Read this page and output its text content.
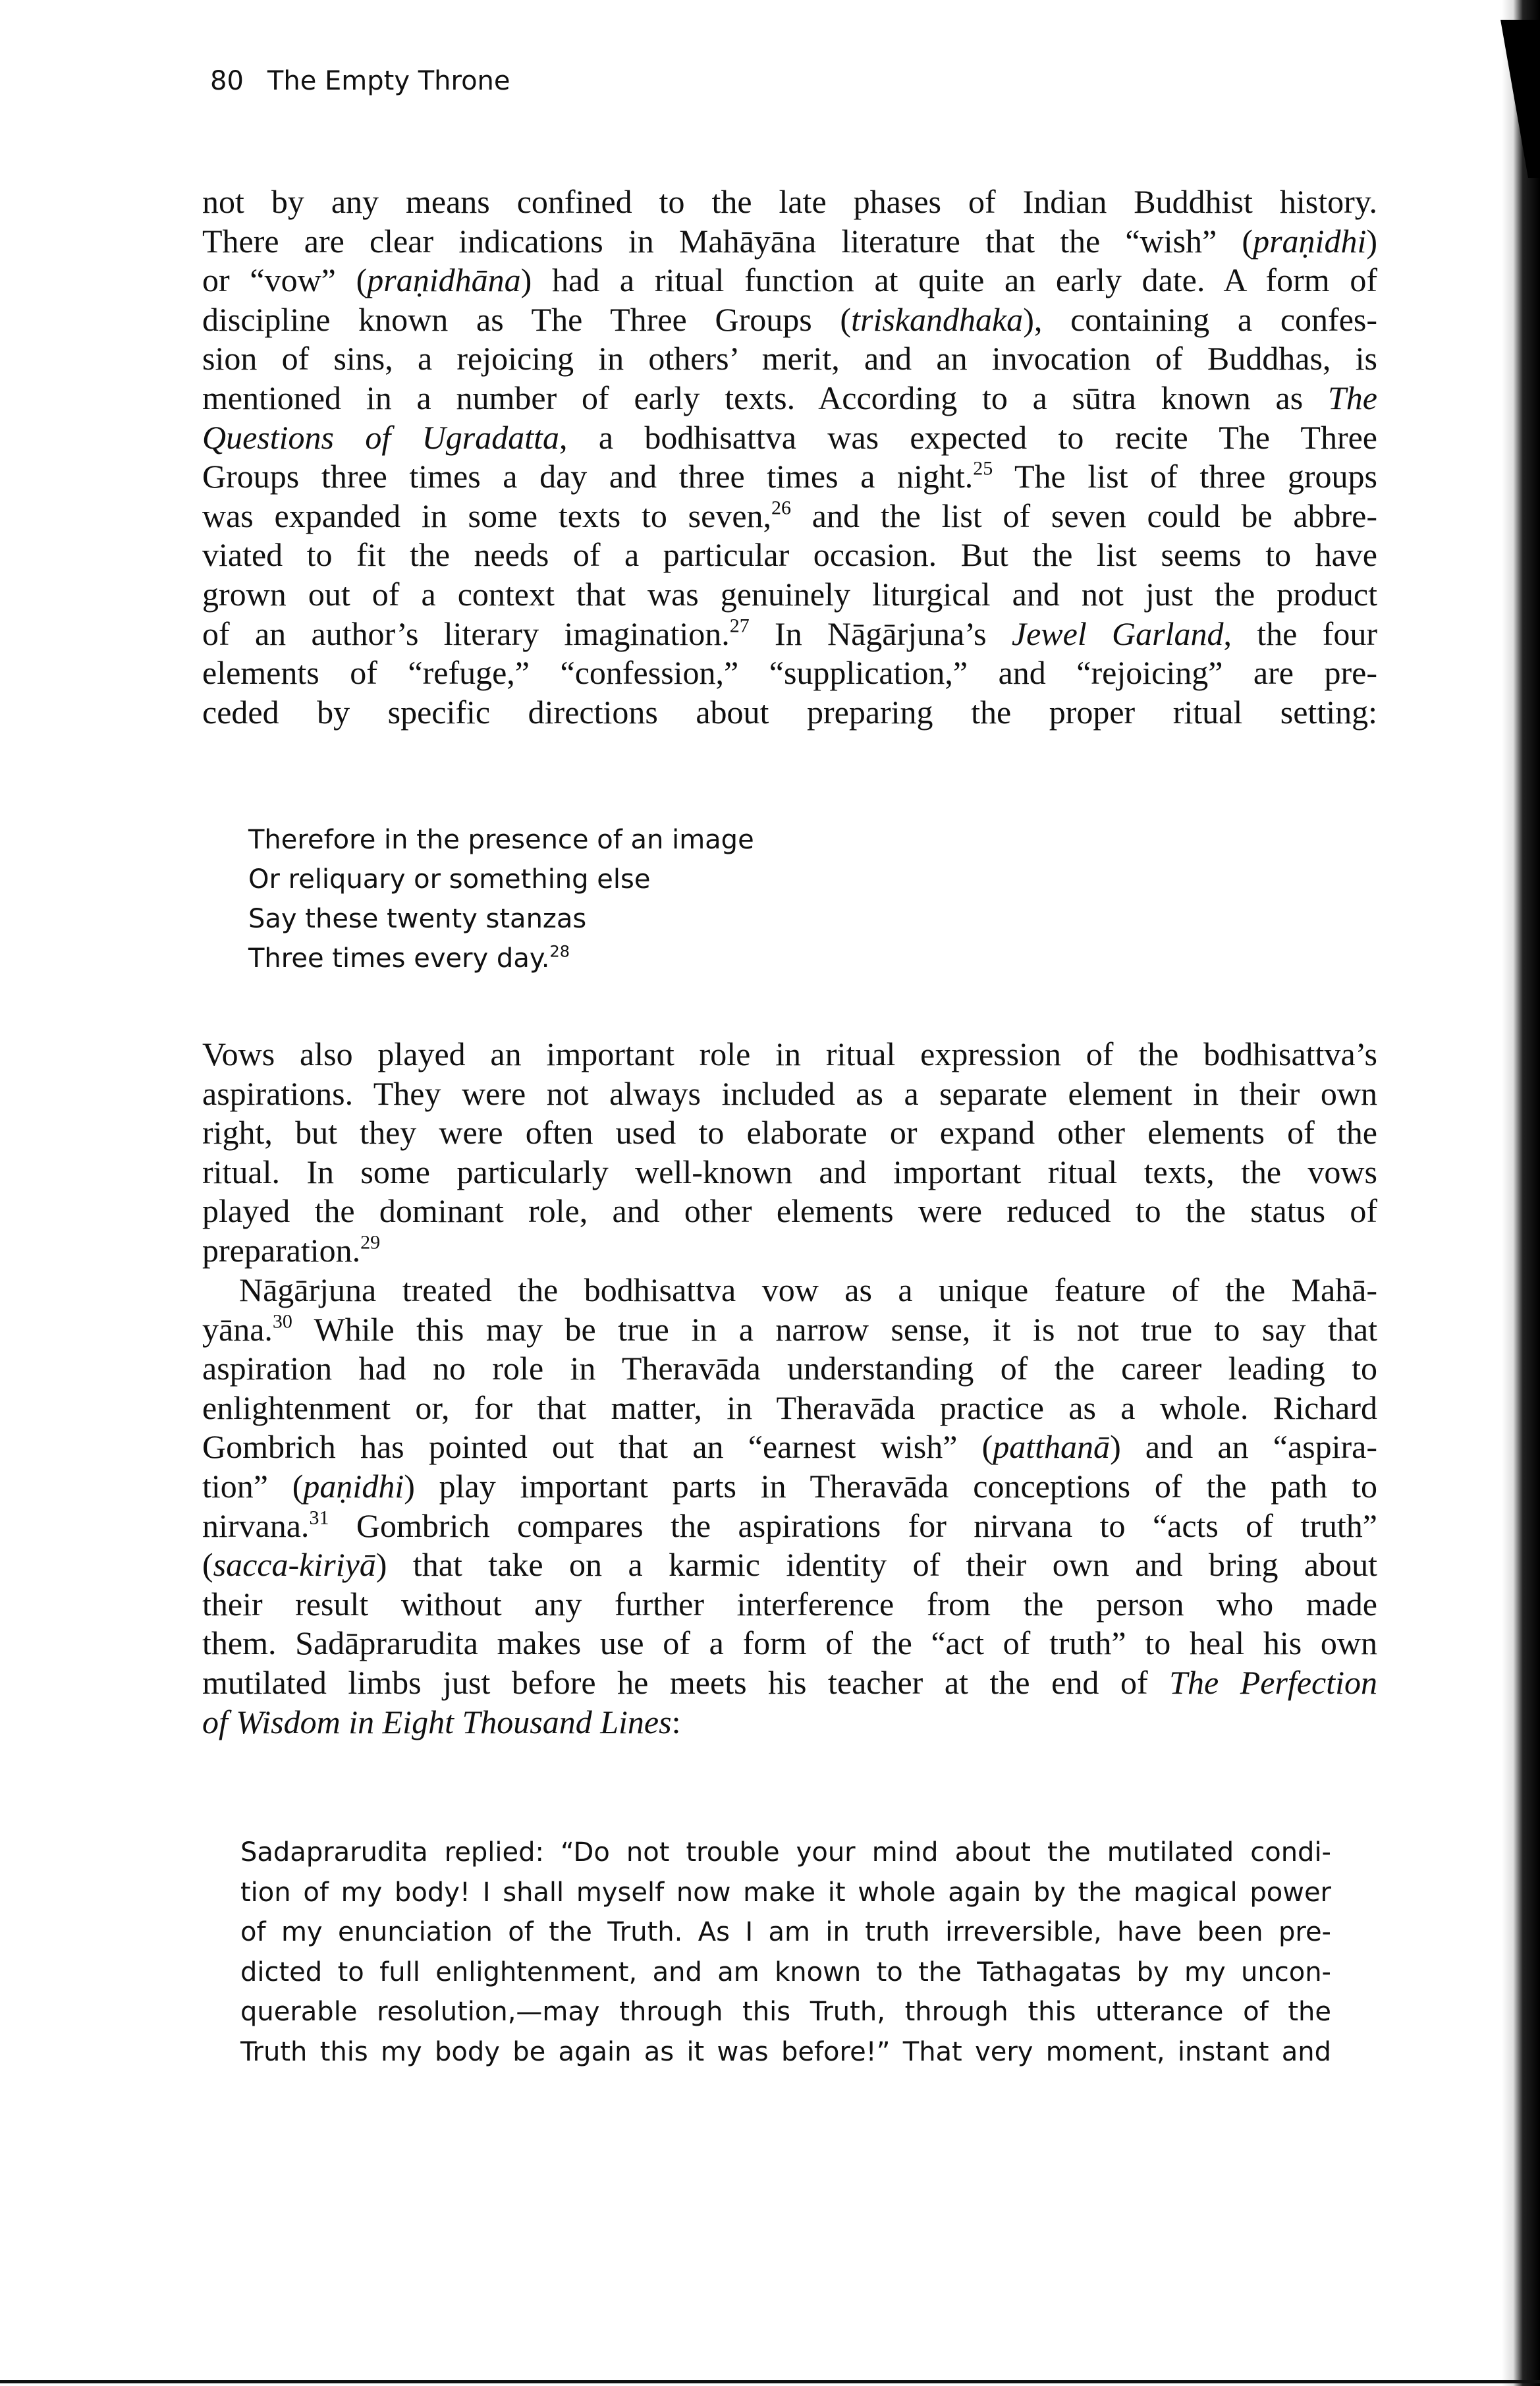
80 The Empty Throne
not by any means confined to the late phases of Indian Buddhist history.
There are clear indications in Mahāyāna literature that the “wish” (praṇidhi)
or “vow” (praṇidhāna) had a ritual function at quite an early date. A form of
discipline known as The Three Groups (triskandhaka), containing a confes-
sion of sins, a rejoicing in others’ merit, and an invocation of Buddhas, is
mentioned in a number of early texts. According to a sūtra known as The
Questions of Ugradatta, a bodhisattva was expected to recite The Three
Groups three times a day and three times a night.$^{25}$ The list of three groups
was expanded in some texts to seven,$^{26}$ and the list of seven could be abbre-
viated to fit the needs of a particular occasion. But the list seems to have
grown out of a context that was genuinely liturgical and not just the product
of an author’s literary imagination.$^{27}$ In Nāgārjuna’s Jewel Garland, the four
elements of “refuge,” “confession,” “supplication,” and “rejoicing” are pre-
ceded by specific directions about preparing the proper ritual setting:
Therefore in the presence of an image
Or reliquary or something else
Say these twenty stanzas
Three times every day.$^{28}$
Vows also played an important role in ritual expression of the bodhisattva’s
aspirations. They were not always included as a separate element in their own
right, but they were often used to elaborate or expand other elements of the
ritual. In some particularly well-known and important ritual texts, the vows
played the dominant role, and other elements were reduced to the status of
preparation.$^{29}$
Nāgārjuna treated the bodhisattva vow as a unique feature of the Mahā-
yāna.$^{30}$ While this may be true in a narrow sense, it is not true to say that
aspiration had no role in Theravāda understanding of the career leading to
enlightenment or, for that matter, in Theravāda practice as a whole. Richard
Gombrich has pointed out that an “earnest wish” (patthanā) and an “aspira-
tion” (paṇidhi) play important parts in Theravāda conceptions of the path to
nirvana.$^{31}$ Gombrich compares the aspirations for nirvana to “acts of truth”
(sacca-kiriyā) that take on a karmic identity of their own and bring about
their result without any further interference from the person who made
them. Sadāprarudita makes use of a form of the “act of truth” to heal his own
mutilated limbs just before he meets his teacher at the end of The Perfection
of Wisdom in Eight Thousand Lines:
Sadaprarudita replied: “Do not trouble your mind about the mutilated condi-
tion of my body! I shall myself now make it whole again by the magical power
of my enunciation of the Truth. As I am in truth irreversible, have been pre-
dicted to full enlightenment, and am known to the Tathagatas by my uncon-
querable resolution,—may through this Truth, through this utterance of the
Truth this my body be again as it was before!” That very moment, instant and
